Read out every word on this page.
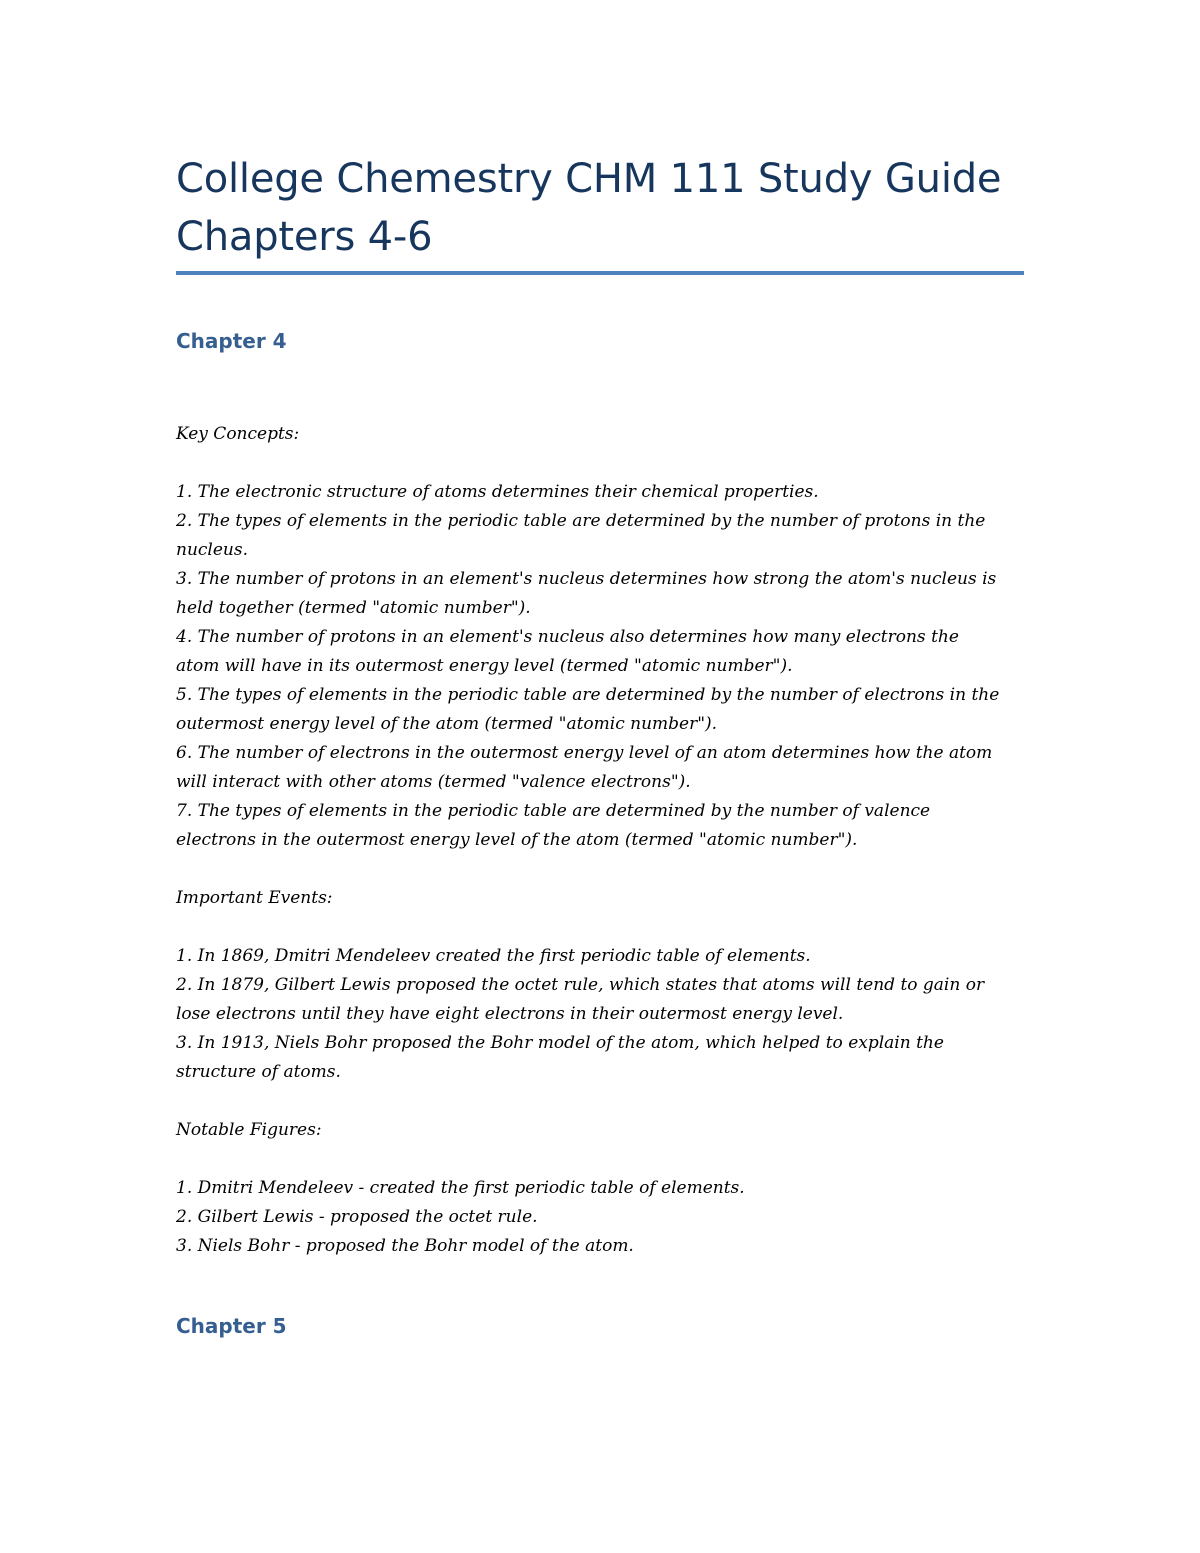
College Chemestry CHM 111 Study Guide Chapters 4-6
Chapter 4
Key Concepts:
1. The electronic structure of atoms determines their chemical properties.
2. The types of elements in the periodic table are determined by the number of protons in the
nucleus.
3. The number of protons in an element's nucleus determines how strong the atom's nucleus is
held together (termed "atomic number").
4. The number of protons in an element's nucleus also determines how many electrons the
atom will have in its outermost energy level (termed "atomic number").
5. The types of elements in the periodic table are determined by the number of electrons in the
outermost energy level of the atom (termed "atomic number").
6. The number of electrons in the outermost energy level of an atom determines how the atom
will interact with other atoms (termed "valence electrons").
7. The types of elements in the periodic table are determined by the number of valence
electrons in the outermost energy level of the atom (termed "atomic number").
Important Events:
1. In 1869, Dmitri Mendeleev created the first periodic table of elements.
2. In 1879, Gilbert Lewis proposed the octet rule, which states that atoms will tend to gain or
lose electrons until they have eight electrons in their outermost energy level.
3. In 1913, Niels Bohr proposed the Bohr model of the atom, which helped to explain the
structure of atoms.
Notable Figures:
1. Dmitri Mendeleev - created the first periodic table of elements.
2. Gilbert Lewis - proposed the octet rule.
3. Niels Bohr - proposed the Bohr model of the atom.
Chapter 5
